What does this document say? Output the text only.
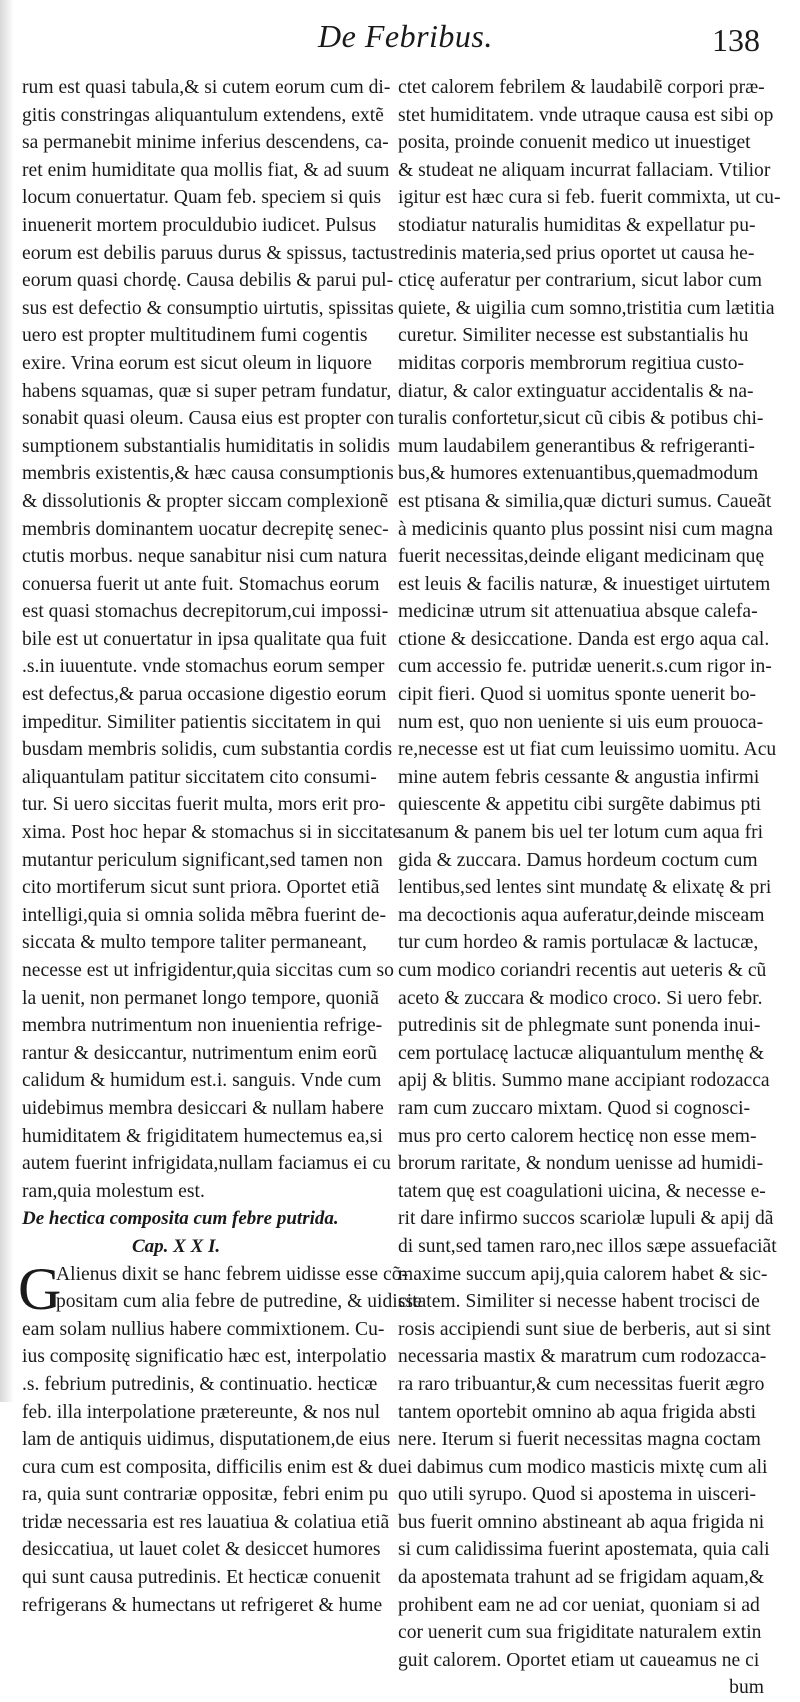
De Febribus.	138
rum est quasi tabula,& si cutem eorum cum di-
gitis constringas aliquantulum extendens, extẽ
sa permanebit minime inferius descendens, ca-
ret enim humiditate qua mollis fiat, & ad suum
locum conuertatur. Quam feb. speciem si quis
inuenerit mortem proculdubio iudicet. Pulsus
eorum est debilis paruus durus & spissus, tactus
eorum quasi chordę. Causa debilis & parui pul-
sus est defectio & consumptio uirtutis, spissitas
uero est propter multitudinem fumi cogentis
exire. Vrina eorum est sicut oleum in liquore
habens squamas, quæ si super petram fundatur,
sonabit quasi oleum. Causa eius est propter con
sumptionem substantialis humiditatis in solidis
membris existentis,& hæc causa consumptionis
& dissolutionis & propter siccam complexionẽ
membris dominantem uocatur decrepitę senec-
ctutis morbus. neque sanabitur nisi cum natura
conuersa fuerit ut ante fuit. Stomachus eorum
est quasi stomachus decrepitorum,cui impossi-
bile est ut conuertatur in ipsa qualitate qua fuit
.s.in iuuentute. vnde stomachus eorum semper
est defectus,& parua occasione digestio eorum
impeditur. Similiter patientis siccitatem in qui
busdam membris solidis, cum substantia cordis
aliquantulam patitur siccitatem cito consumi-
tur. Si uero siccitas fuerit multa, mors erit pro-
xima. Post hoc hepar & stomachus si in siccitate
mutantur periculum significant,sed tamen non
cito mortiferum sicut sunt priora. Oportet etiã
intelligi,quia si omnia solida mẽbra fuerint de-
siccata & multo tempore taliter permaneant,
necesse est ut infrigidentur,quia siccitas cum so
la uenit, non permanet longo tempore, quoniã
membra nutrimentum non inuenientia refrige-
rantur & desiccantur, nutrimentum enim eorũ
calidum & humidum est.i. sanguis. Vnde cum
uidebimus membra desiccari & nullam habere
humiditatem & frigiditatem humectemus ea,si
autem fuerint infrigidata,nullam faciamus ei cu
ram,quia molestum est.
De hectica composita cum febre putrida.
Cap. X X I.
G
Alienus dixit se hanc febrem uidisse esse cõ-
positam cum alia febre de putredine, & uidisse
eam solam nullius habere commixtionem. Cu-
ius compositę significatio hæc est, interpolatio
.s. febrium putredinis, & continuatio. hecticæ
feb. illa interpolatione prætereunte, & nos nul
lam de antiquis uidimus, disputationem,de eius
cura cum est composita, difficilis enim est & du
ra, quia sunt contrariæ oppositæ, febri enim pu
tridæ necessaria est res lauatiua & colatiua etiã
desiccatiua, ut lauet colet & desiccet humores
qui sunt causa putredinis. Et hecticæ conuenit
refrigerans & humectans ut refrigeret & hume
ctet calorem febrilem & laudabilẽ corpori præ-
stet humiditatem. vnde utraque causa est sibi op
posita, proinde conuenit medico ut inuestiget
& studeat ne aliquam incurrat fallaciam. Vtilior
igitur est hæc cura si feb. fuerit commixta, ut cu-
stodiatur naturalis humiditas & expellatur pu-
tredinis materia,sed prius oportet ut causa he-
cticę auferatur per contrarium, sicut labor cum
quiete, & uigilia cum somno,tristitia cum lætitia
curetur. Similiter necesse est substantialis hu
miditas corporis membrorum regitiua custo-
diatur, & calor extinguatur accidentalis & na-
turalis confortetur,sicut cũ cibis & potibus chi-
mum laudabilem generantibus & refrigeranti-
bus,& humores extenuantibus,quemadmodum
est ptisana & similia,quæ dicturi sumus. Caueãt
à medicinis quanto plus possint nisi cum magna
fuerit necessitas,deinde eligant medicinam quę
est leuis & facilis naturæ, & inuestiget uirtutem
medicinæ utrum sit attenuatiua absque calefa-
ctione & desiccatione. Danda est ergo aqua cal.
cum accessio fe. putridæ uenerit.s.cum rigor in-
cipit fieri. Quod si uomitus sponte uenerit bo-
num est, quo non ueniente si uis eum prouoca-
re,necesse est ut fiat cum leuissimo uomitu. Acu
mine autem febris cessante & angustia infirmi
quiescente & appetitu cibi surgẽte dabimus pti
sanum & panem bis uel ter lotum cum aqua fri
gida & zuccara. Damus hordeum coctum cum
lentibus,sed lentes sint mundatę & elixatę & pri
ma decoctionis aqua auferatur,deinde misceam
tur cum hordeo & ramis portulacæ & lactucæ,
cum modico coriandri recentis aut ueteris & cũ
aceto & zuccara & modico croco. Si uero febr.
putredinis sit de phlegmate sunt ponenda inui-
cem portulacę lactucæ aliquantulum menthę &
apij & blitis. Summo mane accipiant rodozacca
ram cum zuccaro mixtam. Quod si cognosci-
mus pro certo calorem hecticę non esse mem-
brorum raritate, & nondum uenisse ad humidi-
tatem quę est coagulationi uicina, & necesse e-
rit dare infirmo succos scariolæ lupuli & apij dã
di sunt,sed tamen raro,nec illos sæpe assuefaciãt
maxime succum apij,quia calorem habet & sic-
citatem. Similiter si necesse habent trocisci de
rosis accipiendi sunt siue de berberis, aut si sint
necessaria mastix & maratrum cum rodozacca-
ra raro tribuantur,& cum necessitas fuerit ægro
tantem oportebit omnino ab aqua frigida absti
nere. Iterum si fuerit necessitas magna coctam
ei dabimus cum modico masticis mixtę cum ali
quo utili syrupo. Quod si apostema in uisceri-
bus fuerit omnino abstineant ab aqua frigida ni
si cum calidissima fuerint apostemata, quia cali
da apostemata trahunt ad se frigidam aquam,&
prohibent eam ne ad cor ueniat, quoniam si ad
cor uenerit cum sua frigiditate naturalem extin
guit calorem. Oportet etiam ut caueamus ne ci
bum
